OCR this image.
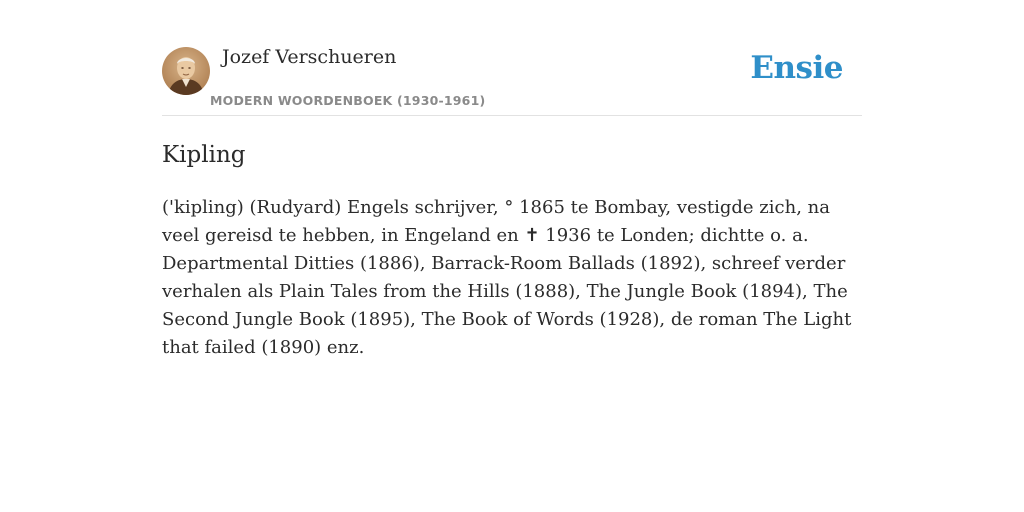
Jozef Verschueren
MODERN WOORDENBOEK (1930-1961)
Ensie
Kipling

('kipling) (Rudyard) Engels schrijver, ° 1865 te Bombay, vestigde zich, na veel gereisd te hebben, in Engeland en ✝ 1936 te Londen; dichtte o. a. Departmental Ditties (1886), Barrack-Room Ballads (1892), schreef verder verhalen als Plain Tales from the Hills (1888), The Jungle Book (1894), The Second Jungle Book (1895), The Book of Words (1928), de roman The Light that failed (1890) enz.
